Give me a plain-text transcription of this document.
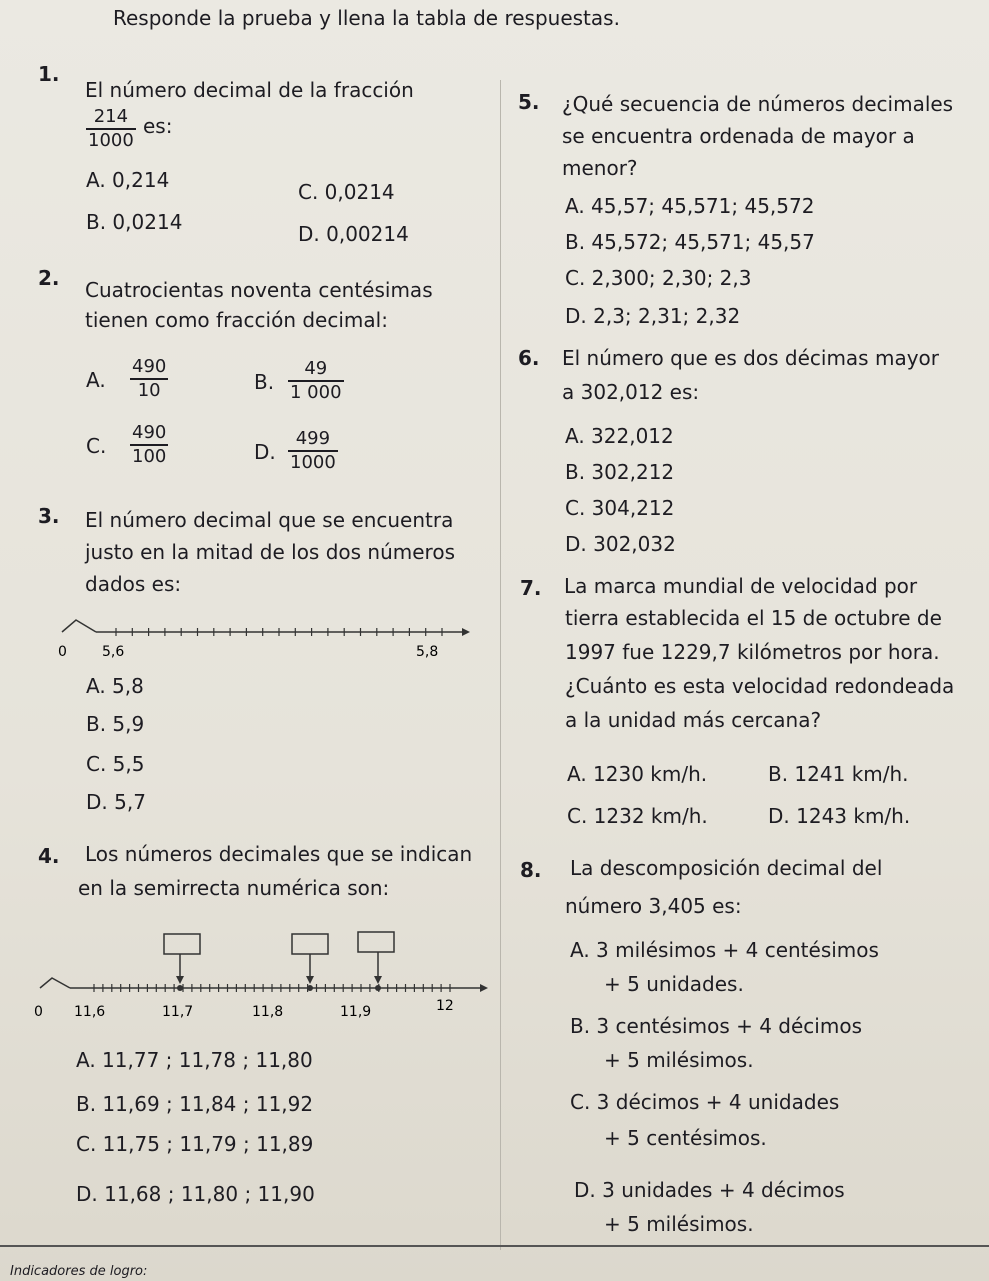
Responde la prueba y llena la tabla de respuestas.
1.
El número decimal de la fracción
$\frac{214}{1000}$ es:
A. 0,214	C. 0,0214
B. 0,0214	D. 0,00214
2. Cuatrocientas noventa centésimas
tienen como fracción decimal:
A. $\frac{490}{10}$	B. $\frac{49}{1 000}$
C. $\frac{490}{100}$	D. $\frac{499}{1000}$
3. El número decimal que se encuentra
justo en la mitad de los dos números
dados es:
0	5,6	5,8
A. 5,8
B. 5,9
C. 5,5
D. 5,7
4. Los números decimales que se indican
en la semirrecta numérica son:
0 11,6	11,7	11,8	11,9	12
A. 11,77 ; 11,78 ; 11,80
B. 11,69 ; 11,84 ; 11,92
C. 11,75 ; 11,79 ; 11,89
D. 11,68 ; 11,80 ; 11,90
5. ¿Qué secuencia de números decimales
se encuentra ordenada de mayor a
menor?
A. 45,57; 45,571; 45,572
B. 45,572; 45,571; 45,57
C. 2,300; 2,30; 2,3
D. 2,3; 2,31; 2,32
6. El número que es dos décimas mayor
a 302,012 es:
A. 322,012
B. 302,212
C. 304,212
D. 302,032
7. La marca mundial de velocidad por
tierra establecida el 15 de octubre de
1997 fue 1229,7 kilómetros por hora.
¿Cuánto es esta velocidad redondeada
a la unidad más cercana?
A. 1230 km/h.	B. 1241 km/h.
C. 1232 km/h.	D. 1243 km/h.
8. La descomposición decimal del
número 3,405 es:
A. 3 milésimos + 4 centésimos
+ 5 unidades.
B. 3 centésimos + 4 décimos
+ 5 milésimos.
C. 3 décimos + 4 unidades
+ 5 centésimos.
D. 3 unidades + 4 décimos
+ 5 milésimos.
Indicadores de logro:
